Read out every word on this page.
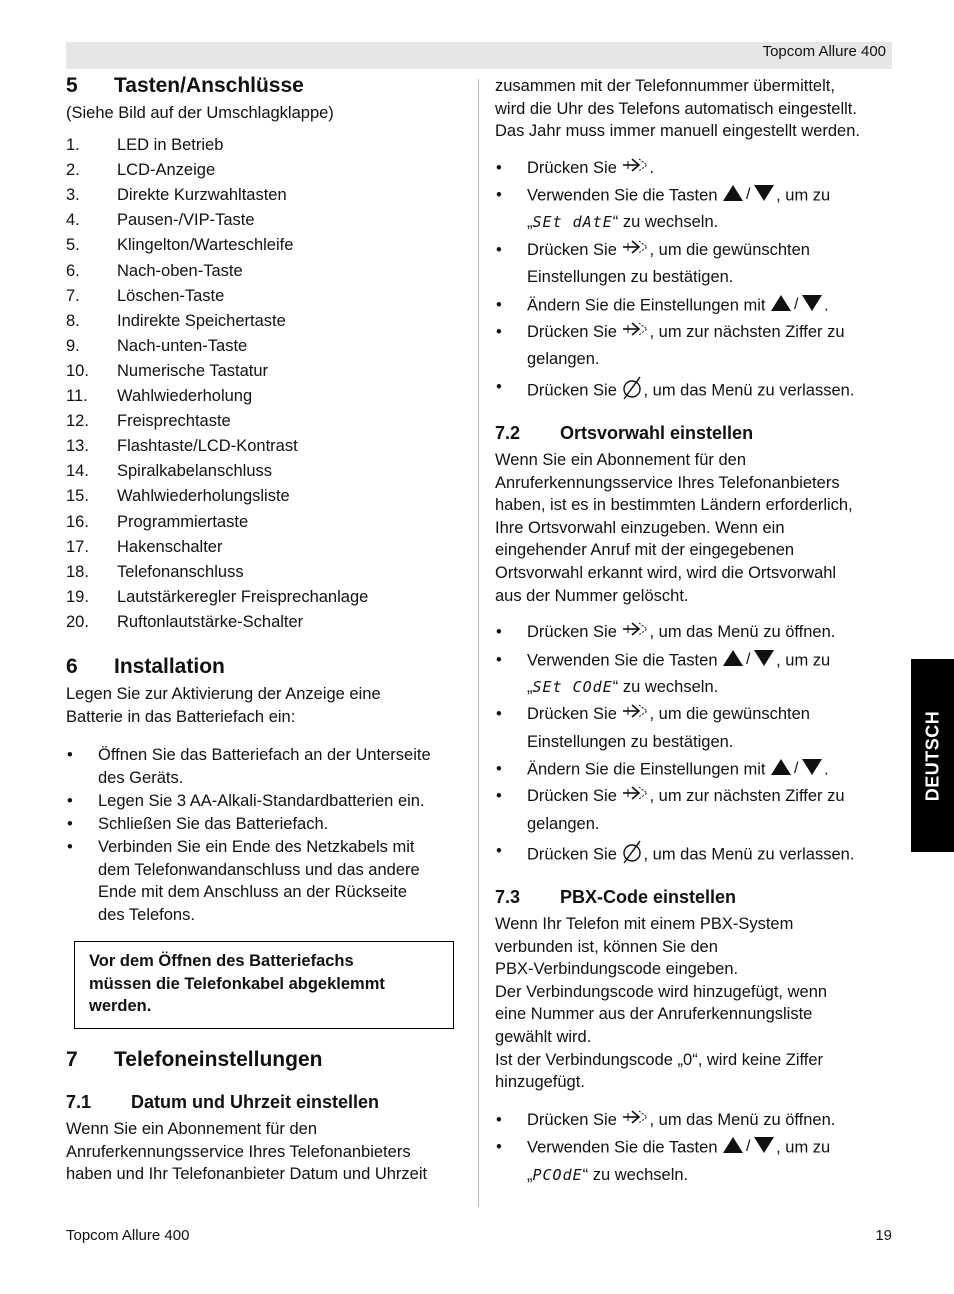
Topcom Allure 400
5 Tasten/Anschlüsse
(Siehe Bild auf der Umschlagklappe)
1. LED in Betrieb
2. LCD-Anzeige
3. Direkte Kurzwahltasten
4. Pausen-/VIP-Taste
5. Klingelton/Warteschleife
6. Nach-oben-Taste
7. Löschen-Taste
8. Indirekte Speichertaste
9. Nach-unten-Taste
10. Numerische Tastatur
11. Wahlwiederholung
12. Freisprechtaste
13. Flashtaste/LCD-Kontrast
14. Spiralkabelanschluss
15. Wahlwiederholungsliste
16. Programmiertaste
17. Hakenschalter
18. Telefonanschluss
19. Lautstärkeregler Freisprechanlage
20. Ruftonlautstärke-Schalter
6 Installation
Legen Sie zur Aktivierung der Anzeige eine
Batterie in das Batteriefach ein:
• Öffnen Sie das Batteriefach an der Unterseite
des Geräts.
• Legen Sie 3 AA-Alkali-Standardbatterien ein.
• Schließen Sie das Batteriefach.
• Verbinden Sie ein Ende des Netzkabels mit
dem Telefonwandanschluss und das andere
Ende mit dem Anschluss an der Rückseite
des Telefons.
Vor dem Öffnen des Batteriefachs
müssen die Telefonkabel abgeklemmt
werden.
7 Telefoneinstellungen
7.1 Datum und Uhrzeit einstellen
Wenn Sie ein Abonnement für den
Anruferkennungsservice Ihres Telefonanbieters
haben und Ihr Telefonanbieter Datum und Uhrzeit
zusammen mit der Telefonnummer übermittelt,
wird die Uhr des Telefons automatisch eingestellt.
Das Jahr muss immer manuell eingestellt werden.
• Drücken Sie .
• Verwenden Sie die Tasten / , um zu
„SEt dAtE“ zu wechseln.
• Drücken Sie , um die gewünschten
Einstellungen zu bestätigen.
• Ändern Sie die Einstellungen mit / .
• Drücken Sie , um zur nächsten Ziffer zu
gelangen.
• Drücken Sie , um das Menü zu verlassen.
7.2 Ortsvorwahl einstellen
Wenn Sie ein Abonnement für den
Anruferkennungsservice Ihres Telefonanbieters
haben, ist es in bestimmten Ländern erforderlich,
Ihre Ortsvorwahl einzugeben. Wenn ein
eingehender Anruf mit der eingegebenen
Ortsvorwahl erkannt wird, wird die Ortsvorwahl
aus der Nummer gelöscht.
• Drücken Sie , um das Menü zu öffnen.
• Verwenden Sie die Tasten / , um zu
„SEt COdE“ zu wechseln.
• Drücken Sie , um die gewünschten
Einstellungen zu bestätigen.
• Ändern Sie die Einstellungen mit / .
• Drücken Sie , um zur nächsten Ziffer zu
gelangen.
• Drücken Sie , um das Menü zu verlassen.
7.3 PBX-Code einstellen
Wenn Ihr Telefon mit einem PBX-System
verbunden ist, können Sie den
PBX-Verbindungscode eingeben.
Der Verbindungscode wird hinzugefügt, wenn
eine Nummer aus der Anruferkennungsliste
gewählt wird.
Ist der Verbindungscode „0“, wird keine Ziffer
hinzugefügt.
• Drücken Sie , um das Menü zu öffnen.
• Verwenden Sie die Tasten / , um zu
„PCOdE“ zu wechseln.
DEUTSCH
Topcom Allure 400	19
